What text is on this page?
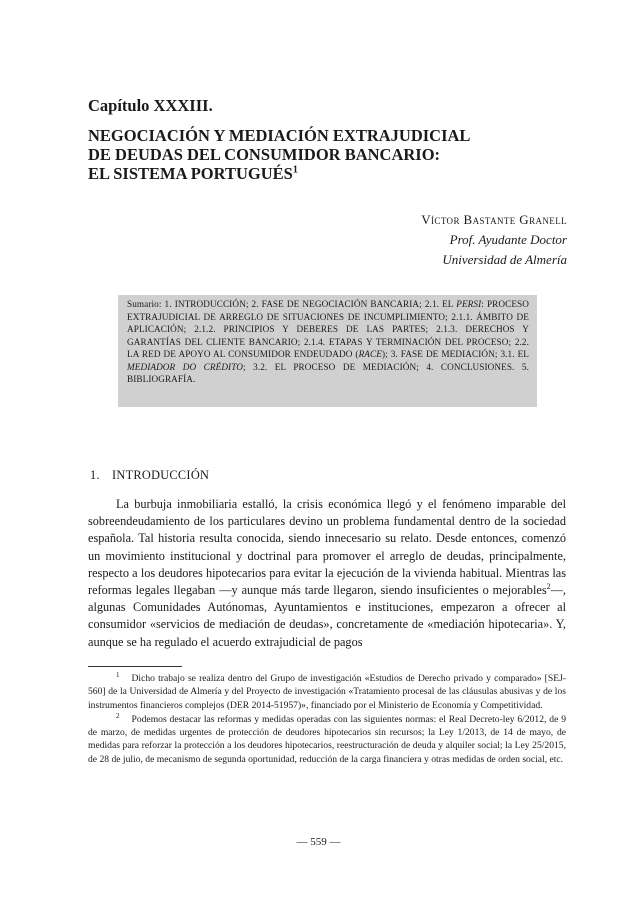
Capítulo XXXIII.
NEGOCIACIÓN Y MEDIACIÓN EXTRAJUDICIAL
DE DEUDAS DEL CONSUMIDOR BANCARIO:
EL SISTEMA PORTUGUÉS$^1$
Víctor Bastante Granell
Prof. Ayudante Doctor
Universidad de Almería
Sumario: 1. INTRODUCCIÓN; 2. FASE DE NEGOCIACIÓN BANCARIA; 2.1. EL PERSI: PROCESO EXTRAJUDICIAL DE ARREGLO DE SITUACIONES DE INCUMPLIMIENTO; 2.1.1. ÁMBITO DE APLICACIÓN; 2.1.2. PRINCIPIOS Y DEBERES DE LAS PARTES; 2.1.3. DERECHOS Y GARANTÍAS DEL CLIENTE BANCARIO; 2.1.4. ETAPAS Y TERMINACIÓN DEL PROCESO; 2.2. LA RED DE APOYO AL CONSUMIDOR ENDEUDADO (RACE); 3. FASE DE MEDIACIÓN; 3.1. EL MEDIADOR DO CRÉDITO; 3.2. EL PROCESO DE MEDIACIÓN; 4. CONCLUSIONES. 5. BIBLIOGRAFÍA.
1. INTRODUCCIÓN

La burbuja inmobiliaria estalló, la crisis económica llegó y el fenómeno imparable del sobreendeudamiento de los particulares devino un problema fundamental dentro de la sociedad española. Tal historia resulta conocida, siendo innecesario su relato. Desde entonces, comenzó un movimiento institucional y doctrinal para promover el arreglo de deudas, principalmente, respecto a los deudores hipotecarios para evitar la ejecución de la vivienda habitual. Mientras las reformas legales llegaban —y aunque más tarde llegaron, siendo insuficientes o mejorables$^2$—, algunas Comunidades Autónomas, Ayuntamientos e instituciones, empezaron a ofrecer al consumidor «servicios de mediación de deudas», concretamente de «mediación hipotecaria». Y, aunque se ha regulado el acuerdo extrajudicial de pagos

$^1$ Dicho trabajo se realiza dentro del Grupo de investigación «Estudios de Derecho privado y comparado» [SEJ-560] de la Universidad de Almería y del Proyecto de investigación «Tratamiento procesal de las cláusulas abusivas y de los instrumentos financieros complejos (DER 2014-51957)», financiado por el Ministerio de Economía y Competitividad.

$^2$ Podemos destacar las reformas y medidas operadas con las siguientes normas: el Real Decreto-ley 6/2012, de 9 de marzo, de medidas urgentes de protección de deudores hipotecarios sin recursos; la Ley 1/2013, de 14 de mayo, de medidas para reforzar la protección a los deudores hipotecarios, reestructuración de deuda y alquiler social; la Ley 25/2015, de 28 de julio, de mecanismo de segunda oportunidad, reducción de la carga financiera y otras medidas de orden social, etc.

— 559 —
